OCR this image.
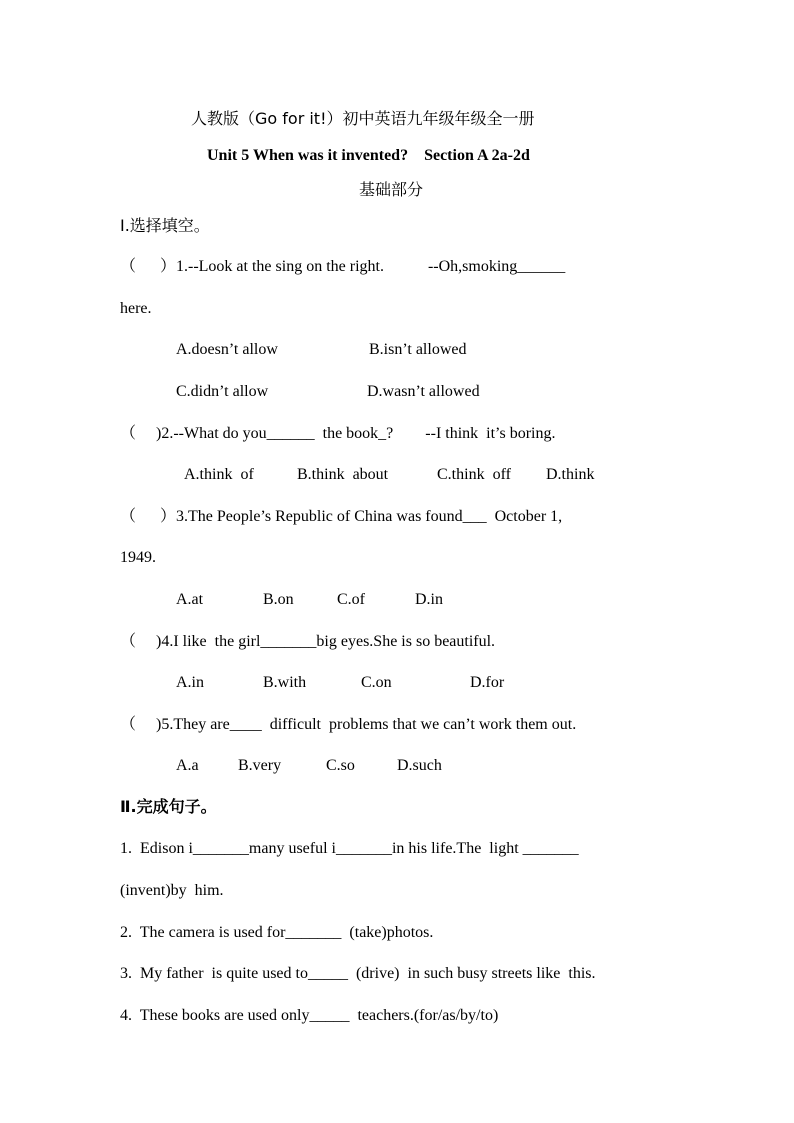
人教版（Go for it!）初中英语九年级年级全一册
Unit 5 When was it invented?    Section A 2a-2d
基础部分
Ⅰ.选择填空。
（      ）1.--Look at the sing on the right.           --Oh,smoking______
here.
A.doesn’t allow	B.isn’t allowed
C.didn’t allow	D.wasn’t allowed
（     )2.--What do you______  the book_?        --I think  it’s boring.
A.think  of	B.think  about	C.think  off D.think
（      ）3.The People’s Republic of China was found___  October 1,
1949.
A.at	B.on	C.of	D.in
（     )4.I like  the girl_______big eyes.She is so beautiful.
A.in	B.with	C.on	D.for
（     )5.They are____  difficult  problems that we can’t work them out.
A.a B.very	C.so	D.such
Ⅱ.完成句子。
1.  Edison i_______many useful i_______in his life.The  light _______
(invent)by  him.
2.  The camera is used for_______  (take)photos.
3.  My father  is quite used to_____  (drive)  in such busy streets like  this.
4.  These books are used only_____  teachers.(for/as/by/to)
